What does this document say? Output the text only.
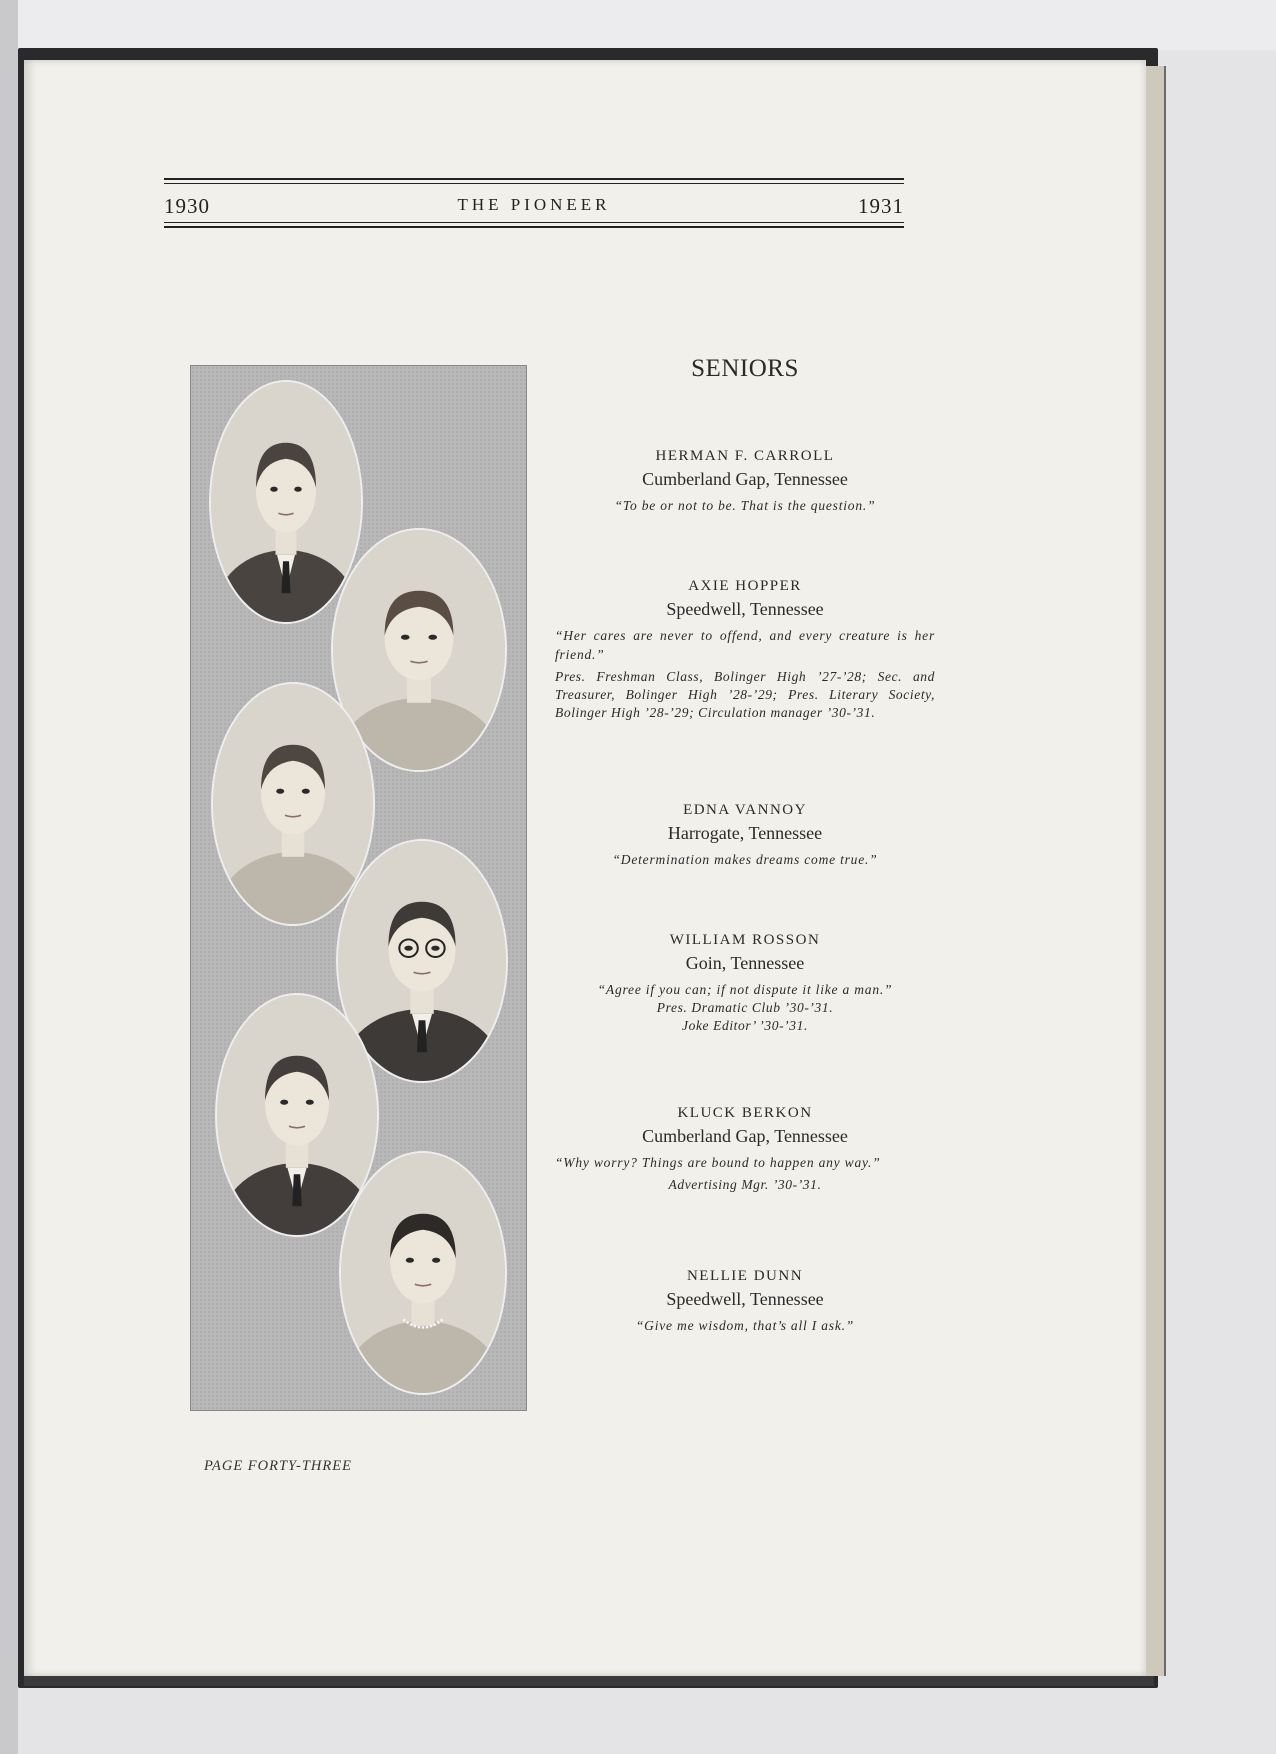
1930	THE PIONEER	1931
SENIORS
HERMAN F. CARROLL
Cumberland Gap, Tennessee
“To be or not to be. That is the question.”
AXIE HOPPER
Speedwell, Tennessee
“Her cares are never to offend, and every creature is her friend.”
Pres. Freshman Class, Bolinger High ’27-’28; Sec. and Treasurer, Bolinger High ’28-’29; Pres. Literary Society, Bolinger High ’28-’29; Circulation manager ’30-’31.
EDNA VANNOY
Harrogate, Tennessee
“Determination makes dreams come true.”
WILLIAM ROSSON
Goin, Tennessee
“Agree if you can; if not dispute it like a man.”
Pres. Dramatic Club ’30-’31.
Joke Editor’ ’30-’31.
KLUCK BERKON
Cumberland Gap, Tennessee
“Why worry? Things are bound to happen any way.”
Advertising Mgr. ’30-’31.
NELLIE DUNN
Speedwell, Tennessee
“Give me wisdom, that’s all I ask.”
PAGE FORTY-THREE
